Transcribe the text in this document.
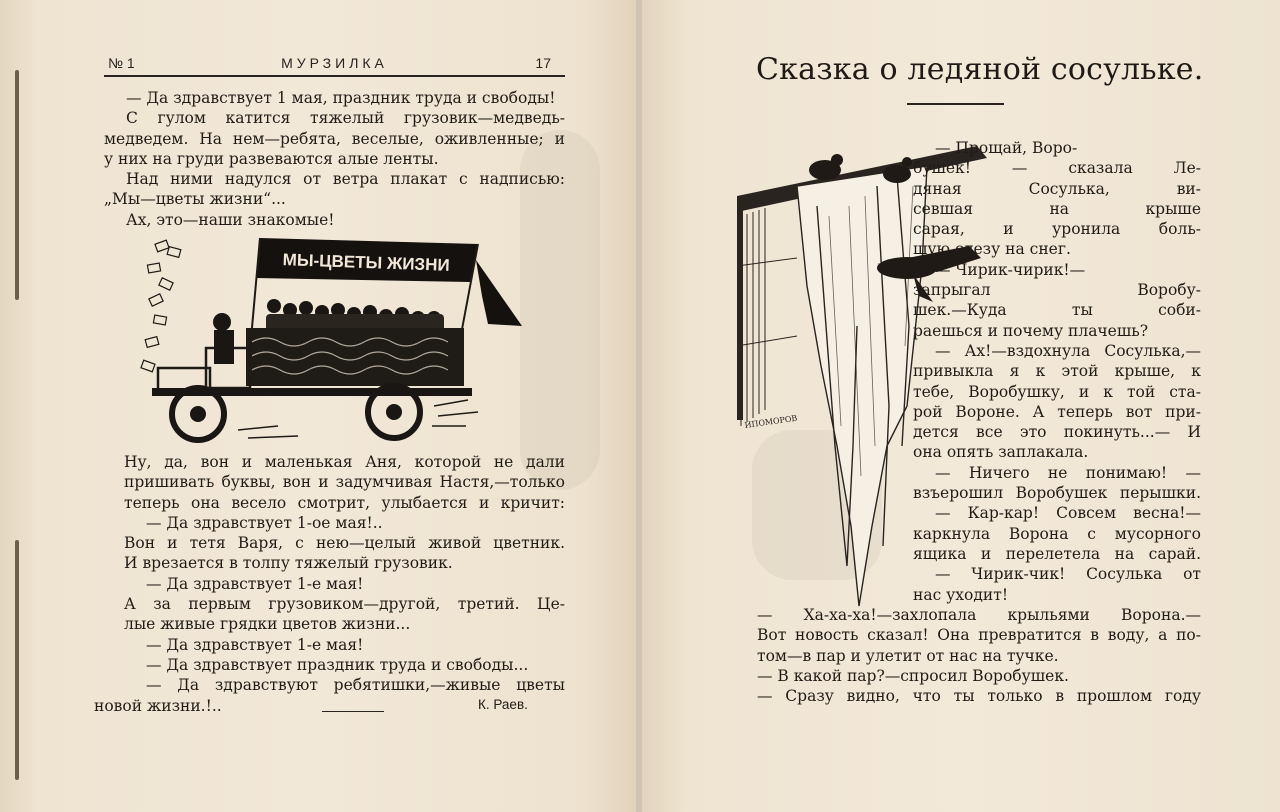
№ 1	МУРЗИЛКА	17
— Да здравствует 1 мая, праздник труда и свободы!
С гулом катится тяжелый грузовик—медведь-
медведем. На нем—ребята, веселые, оживленные; и
у них на груди развеваются алые ленты.
Над ними надулся от ветра плакат с надписью:
„Мы—цветы жизни“...
Ах, это—наши знакомые!
МЫ-ЦВЕТЫ ЖИЗНИ
Ну, да, вон и маленькая Аня, которой не дали
пришивать буквы, вон и задумчивая Настя,—только
теперь она весело смотрит, улыбается и кричит:
— Да здравствует 1-ое мая!..
Вон и тетя Варя, с нею—целый живой цветник.
И врезается в толпу тяжелый грузовик.
— Да здравствует 1-е мая!
А за первым грузовиком—другой, третий. Це-
лые живые грядки цветов жизни...
— Да здравствует 1-е мая!
— Да здравствует праздник труда и свободы...
— Да здравствуют ребятишки,—живые цветы
новой жизни.!..	К. Раев.
Сказка о ледяной сосульке.
ИПОМОРОВ
— Прощай, Воро-
бушек! — сказала Ле-
дяная Сосулька, ви-
севшая на крыше
сарая, и уронила боль-
шую слезу на снег.
— Чирик-чирик!—
запрыгал Воробу-
шек.—Куда ты соби-
раешься и почему плачешь?
— Ах!—вздохнула Сосулька,—
привыкла я к этой крыше, к
тебе, Воробушку, и к той ста-
рой Вороне. А теперь вот при-
дется все это покинуть...— И
она опять заплакала.
— Ничего не понимаю! —
взъерошил Воробушек перышки.
— Кар-кар! Совсем весна!—
каркнула Ворона с мусорного
ящика и перелетела на сарай.
— Чирик-чик! Сосулька от
нас уходит!
— Ха-ха-ха!—захлопала крыльями Ворона.—
Вот новость сказал! Она превратится в воду, а по-
том—в пар и улетит от нас на тучке.
— В какой пар?—спросил Воробушек.
— Сразу видно, что ты только в прошлом году
